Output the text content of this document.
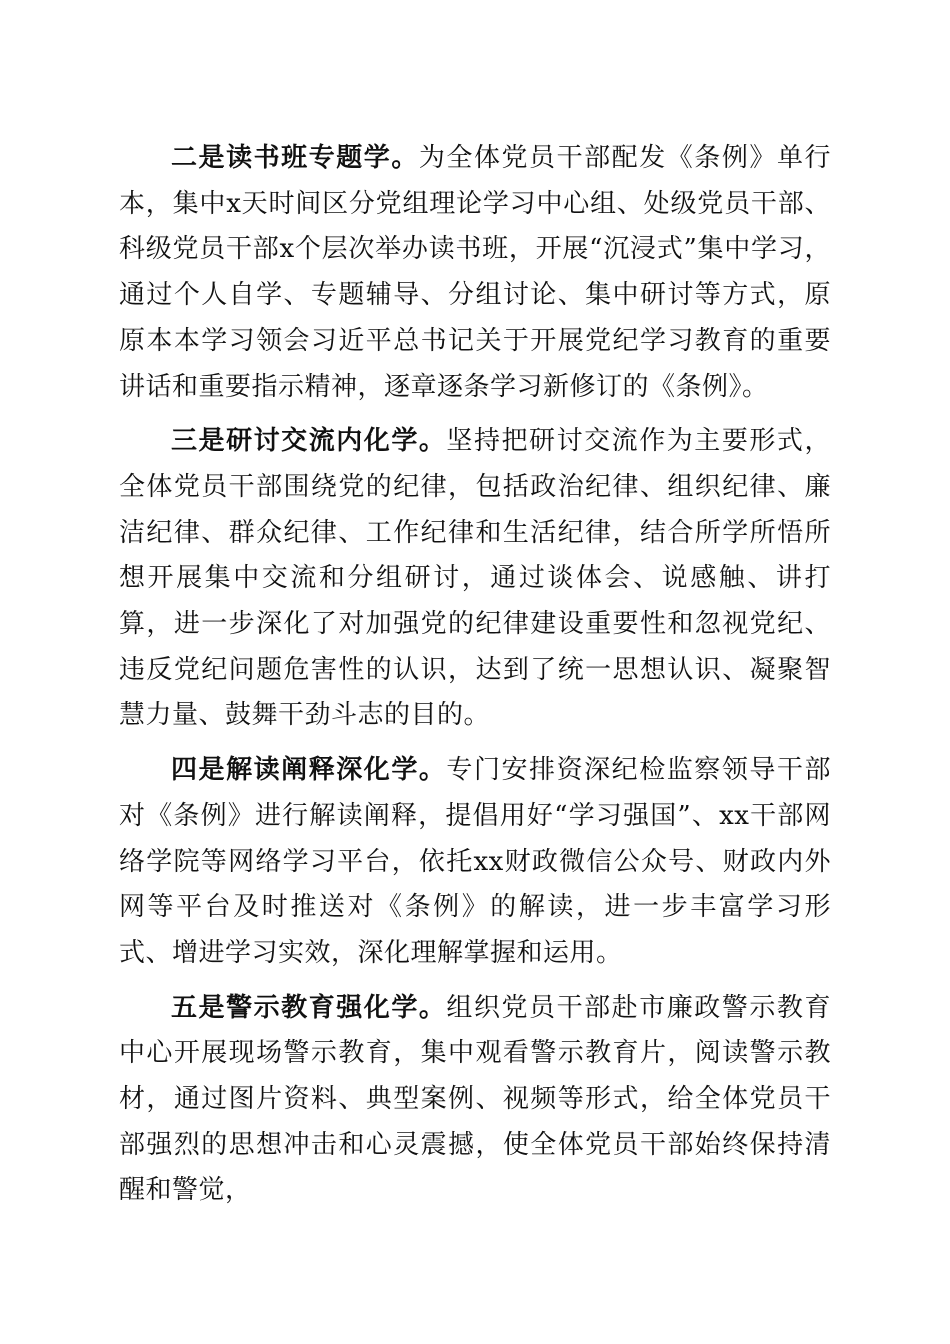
二是读书班专题学。为全体党员干部配发《条例》单行本，集中x天时间区分党组理论学习中心组、处级党员干部、科级党员干部x个层次举办读书班，开展“沉浸式”集中学习，通过个人自学、专题辅导、分组讨论、集中研讨等方式，原原本本学习领会习近平总书记关于开展党纪学习教育的重要讲话和重要指示精神，逐章逐条学习新修订的《条例》。

三是研讨交流内化学。坚持把研讨交流作为主要形式，全体党员干部围绕党的纪律，包括政治纪律、组织纪律、廉洁纪律、群众纪律、工作纪律和生活纪律，结合所学所悟所想开展集中交流和分组研讨，通过谈体会、说感触、讲打算，进一步深化了对加强党的纪律建设重要性和忽视党纪、违反党纪问题危害性的认识，达到了统一思想认识、凝聚智慧力量、鼓舞干劲斗志的目的。

四是解读阐释深化学。专门安排资深纪检监察领导干部对《条例》进行解读阐释，提倡用好“学习强国”、xx干部网络学院等网络学习平台，依托xx财政微信公众号、财政内外网等平台及时推送对《条例》的解读，进一步丰富学习形式、增进学习实效，深化理解掌握和运用。

五是警示教育强化学。组织党员干部赴市廉政警示教育中心开展现场警示教育，集中观看警示教育片，阅读警示教材，通过图片资料、典型案例、视频等形式，给全体党员干部强烈的思想冲击和心灵震撼，使全体党员干部始终保持清醒和警觉，
